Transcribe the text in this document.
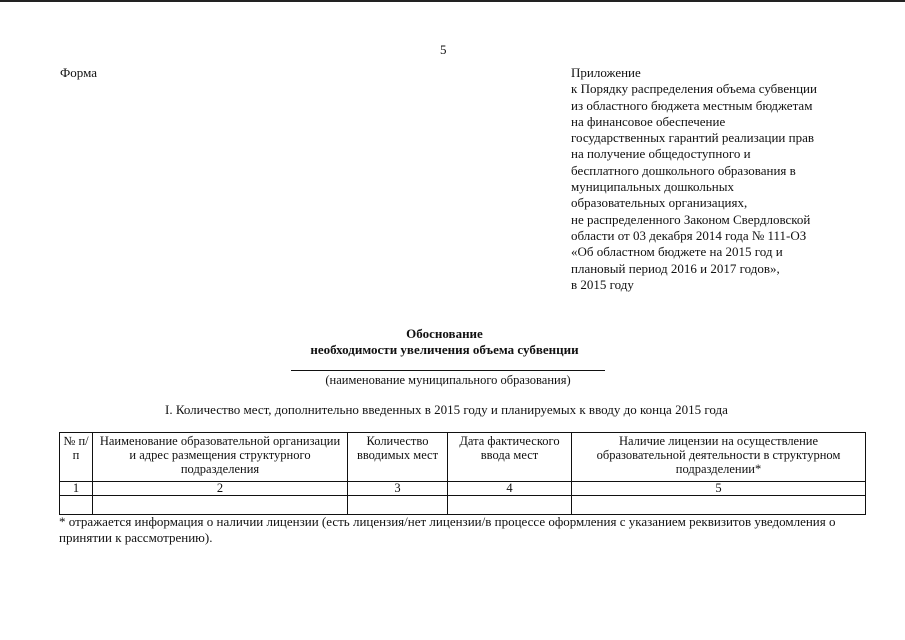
5
Форма	Приложение
к Порядку распределения объема субвенции
из областного бюджета местным бюджетам
на финансовое обеспечение
государственных гарантий реализации прав
на получение общедоступного и
бесплатного дошкольного образования в
муниципальных дошкольных
образовательных организациях,
не распределенного Законом Свердловской
области от 03 декабря 2014 года № 111-ОЗ
«Об областном бюджете на 2015 год и
плановый период 2016 и 2017 годов»,
в 2015 году
Обоснование
необходимости увеличения объема субвенции
(наименование муниципального образования)
I. Количество мест, дополнительно введенных в 2015 году и планируемых к вводу до конца 2015 года
№ п/п	Наименование образовательной организации и адрес размещения структурного подразделения	Количество вводимых мест	Дата фактического ввода мест	Наличие лицензии на осуществление образовательной деятельности в структурном подразделении*
1	2	3	4	5

* отражается информация о наличии лицензии (есть лицензия/нет лицензии/в процессе оформления с указанием реквизитов уведомления о принятии к рассмотрению).
